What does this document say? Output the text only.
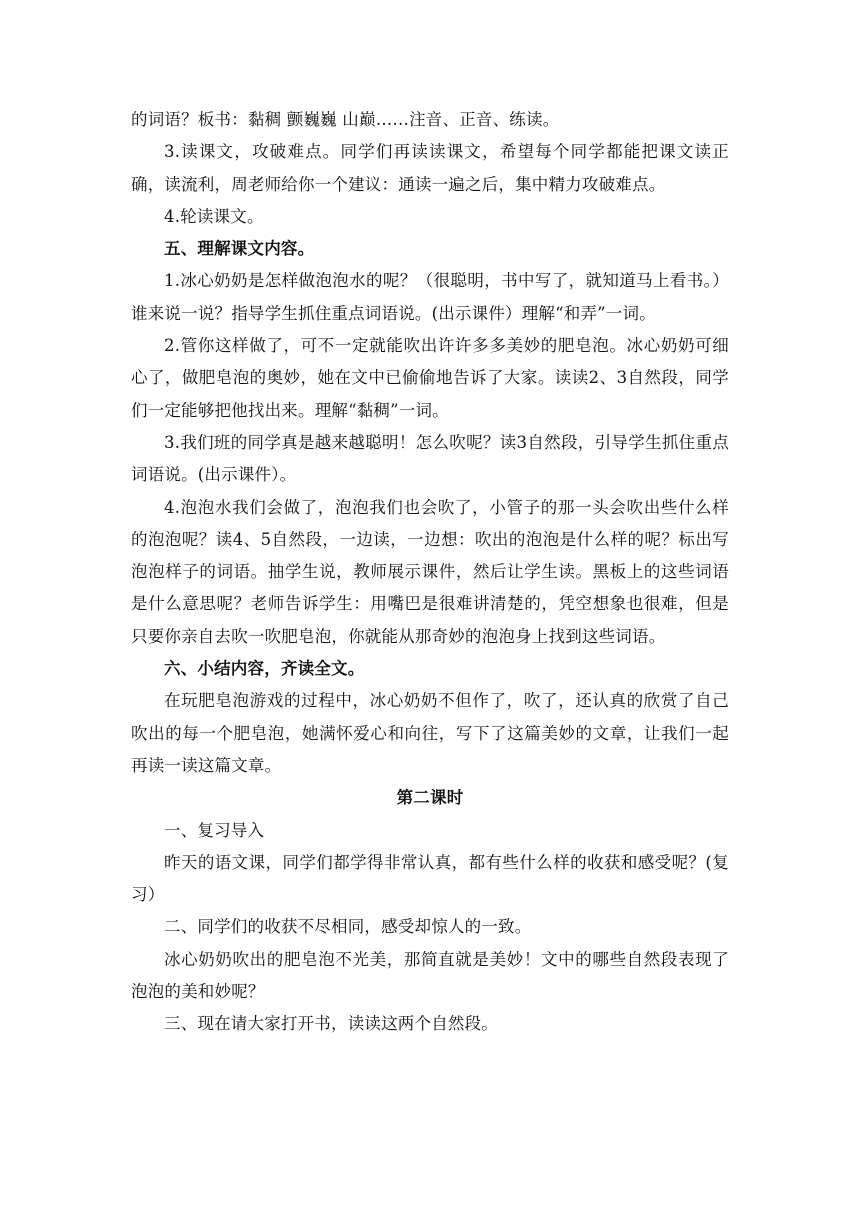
的词语？板书：黏稠 颤巍巍 山巅……注音、正音、练读。

3.读课文，攻破难点。同学们再读读课文，希望每个同学都能把课文读正确，读流利，周老师给你一个建议：通读一遍之后，集中精力攻破难点。

4.轮读课文。

五、理解课文内容。

1.冰心奶奶是怎样做泡泡水的呢？（很聪明，书中写了，就知道马上看书。）谁来说一说？指导学生抓住重点词语说。(出示课件）理解“和弄”一词。

2.管你这样做了，可不一定就能吹出许许多多美妙的肥皂泡。冰心奶奶可细心了，做肥皂泡的奥妙，她在文中已偷偷地告诉了大家。读读2、3自然段，同学们一定能够把他找出来。理解“黏稠”一词。

3.我们班的同学真是越来越聪明！怎么吹呢？读3自然段，引导学生抓住重点词语说。(出示课件）。

4.泡泡水我们会做了，泡泡我们也会吹了，小管子的那一头会吹出些什么样的泡泡呢？读4、5自然段，一边读，一边想：吹出的泡泡是什么样的呢？标出写泡泡样子的词语。抽学生说，教师展示课件，然后让学生读。黑板上的这些词语是什么意思呢？老师告诉学生：用嘴巴是很难讲清楚的，凭空想象也很难，但是只要你亲自去吹一吹肥皂泡，你就能从那奇妙的泡泡身上找到这些词语。

六、小结内容，齐读全文。

在玩肥皂泡游戏的过程中，冰心奶奶不但作了，吹了，还认真的欣赏了自己吹出的每一个肥皂泡，她满怀爱心和向往，写下了这篇美妙的文章，让我们一起再读一读这篇文章。

第二课时

一、复习导入

昨天的语文课，同学们都学得非常认真，都有些什么样的收获和感受呢？(复习）

二、同学们的收获不尽相同，感受却惊人的一致。

冰心奶奶吹出的肥皂泡不光美，那简直就是美妙！文中的哪些自然段表现了泡泡的美和妙呢？

三、现在请大家打开书，读读这两个自然段。
